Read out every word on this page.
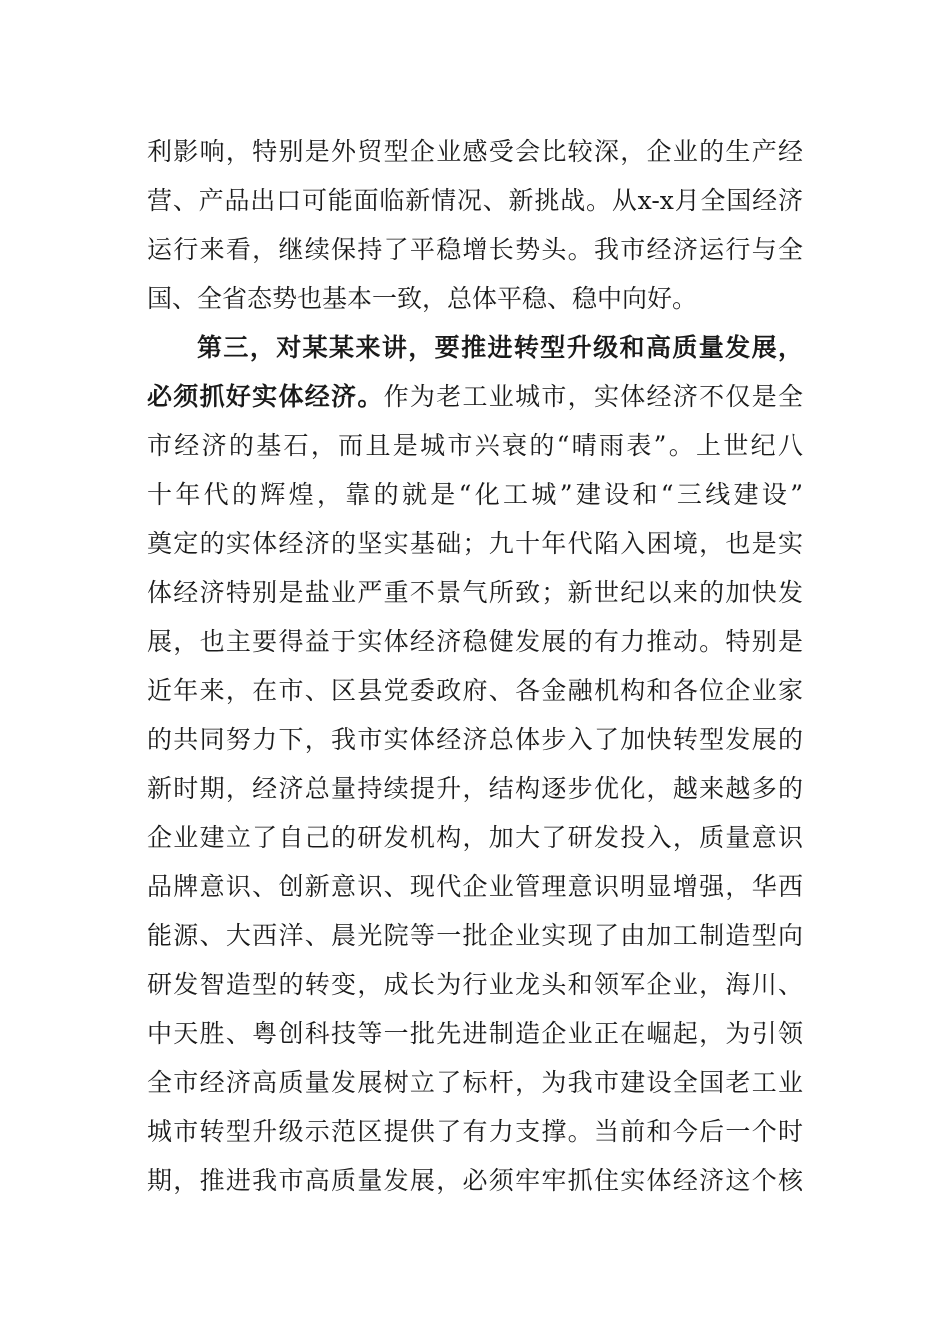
利影响，特别是外贸型企业感受会比较深，企业的生产经
营、产品出口可能面临新情况、新挑战。从x-x月全国经济
运行来看，继续保持了平稳增长势头。我市经济运行与全
国、全省态势也基本一致，总体平稳、稳中向好。
第三，对某某来讲，要推进转型升级和高质量发展，
必须抓好实体经济。作为老工业城市，实体经济不仅是全
市经济的基石，而且是城市兴衰的“晴雨表”。上世纪八
十年代的辉煌，靠的就是“化工城”建设和“三线建设”
奠定的实体经济的坚实基础；九十年代陷入困境，也是实
体经济特别是盐业严重不景气所致；新世纪以来的加快发
展，也主要得益于实体经济稳健发展的有力推动。特别是
近年来，在市、区县党委政府、各金融机构和各位企业家
的共同努力下，我市实体经济总体步入了加快转型发展的
新时期，经济总量持续提升，结构逐步优化，越来越多的
企业建立了自己的研发机构，加大了研发投入，质量意识
品牌意识、创新意识、现代企业管理意识明显增强，华西
能源、大西洋、晨光院等一批企业实现了由加工制造型向
研发智造型的转变，成长为行业龙头和领军企业，海川、
中天胜、粤创科技等一批先进制造企业正在崛起，为引领
全市经济高质量发展树立了标杆，为我市建设全国老工业
城市转型升级示范区提供了有力支撑。当前和今后一个时
期，推进我市高质量发展，必须牢牢抓住实体经济这个核
